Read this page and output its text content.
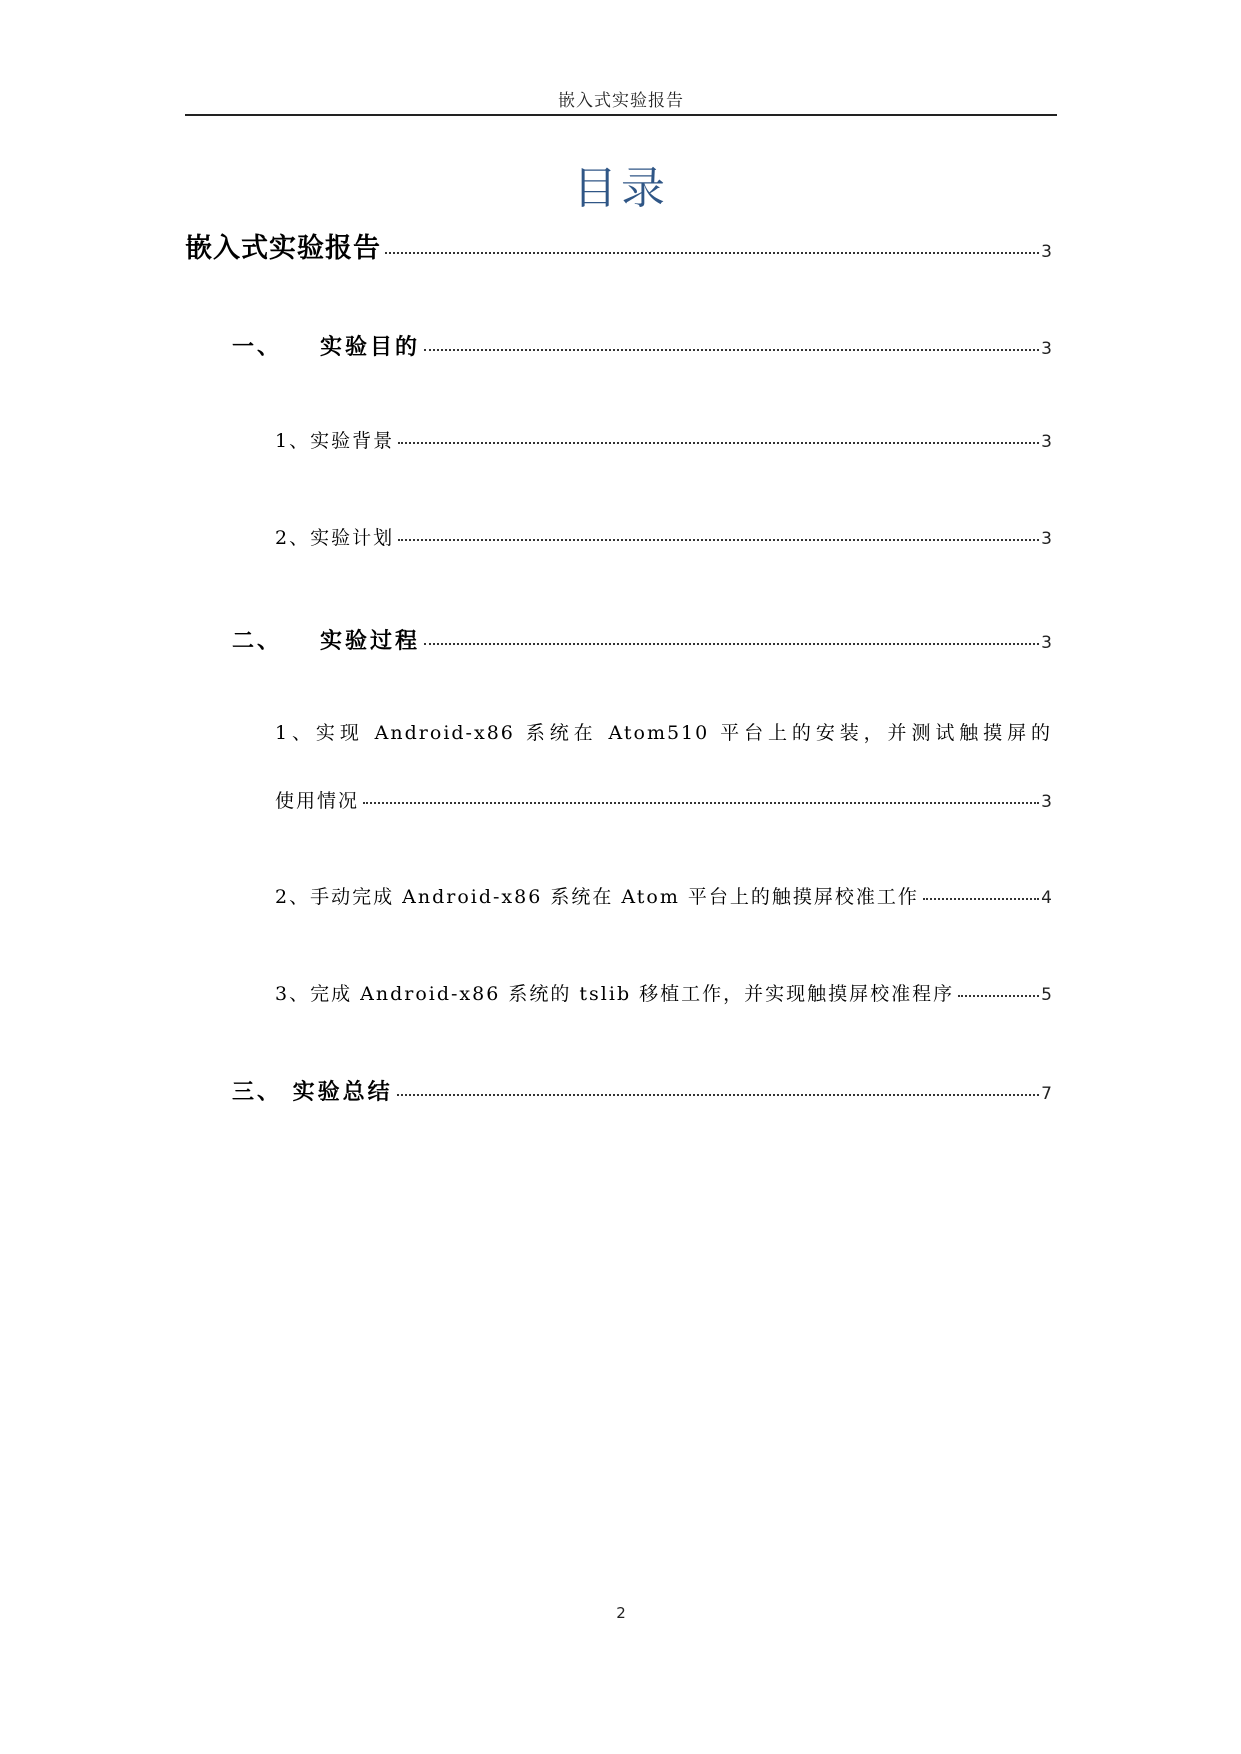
嵌入式实验报告
目录
嵌入式实验报告	3
一、 实验目的	3
1、实验背景	3
2、实验计划	3
二、 实验过程	3
1、实现 Android-x86 系统在 Atom510 平台上的安装，并测试触摸屏的
使用情况	3
2、手动完成 Android-x86 系统在 Atom 平台上的触摸屏校准工作	4
3、完成 Android-x86 系统的 tslib 移植工作，并实现触摸屏校准程序	5
三、 实验总结	7
2
